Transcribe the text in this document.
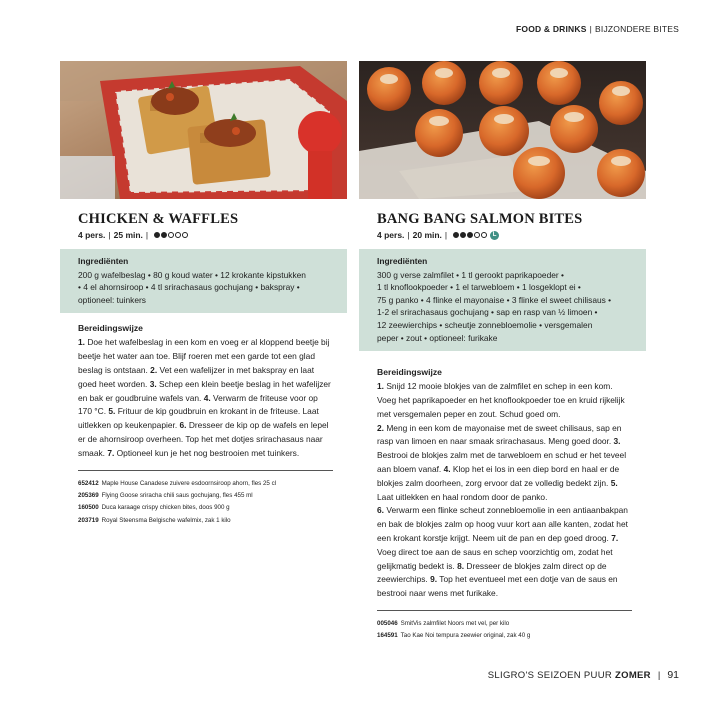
FOOD & DRINKS | BIJZONDERE BITES
CHICKEN & WAFFLES
4 pers. | 25 min. |
Ingrediënten
200 g wafelbeslag • 80 g koud water • 12 krokante kipstukken
• 4 el ahornsiroop • 4 tl srirachasaus gochujang • bakspray •
optioneel: tuinkers
Bereidingswijze
1. Doe het wafelbeslag in een kom en voeg er al kloppend beetje bij beetje het water aan toe. Blijf roeren met een garde tot een glad beslag is ontstaan. 2. Vet een wafelijzer in met bakspray en laat goed heet worden. 3. Schep een klein beetje beslag in het wafelijzer en bak er goudbruine wafels van. 4. Verwarm de friteuse voor op 170 °C. 5. Frituur de kip goudbruin en krokant in de friteuse. Laat uitlekken op keukenpapier. 6. Dresseer de kip op de wafels en lepel er de ahornsiroop overheen. Top het met dotjes srirachasaus naar smaak. 7. Optioneel kun je het nog bestrooien met tuinkers.
652412 Maple House Canadese zuivere esdoornsiroop ahorn, fles 25 cl
205369 Flying Goose sriracha chili saus gochujang, fles 455 ml
160500 Duca karaage crispy chicken bites, doos 900 g
203719 Royal Steensma Belgische wafelmix, zak 1 kilo
BANG BANG SALMON BITES
4 pers. | 20 min. |	L
Ingrediënten
300 g verse zalmfilet • 1 tl gerookt paprikapoeder •
1 tl knoflookpoeder • 1 el tarwebloem • 1 losgeklopt ei •
75 g panko • 4 flinke el mayonaise • 3 flinke el sweet chilisaus •
1-2 el srirachasaus gochujang • sap en rasp van ½ limoen •
12 zeewierchips • scheutje zonnebloemolie • versgemalen
peper • zout • optioneel: furikake
Bereidingswijze
1. Snijd 12 mooie blokjes van de zalmfilet en schep in een kom. Voeg het paprikapoeder en het knoflookpoeder toe en kruid rijkelijk met versgemalen peper en zout. Schud goed om.
2. Meng in een kom de mayonaise met de sweet chilisaus, sap en rasp van limoen en naar smaak srirachasaus. Meng goed door. 3. Bestrooi de blokjes zalm met de tarwebloem en schud er het teveel aan bloem vanaf. 4. Klop het ei los in een diep bord en haal er de blokjes zalm doorheen, zorg ervoor dat ze volledig bedekt zijn. 5. Laat uitlekken en haal rondom door de panko.
6. Verwarm een flinke scheut zonnebloemolie in een antiaanbakpan en bak de blokjes zalm op hoog vuur kort aan alle kanten, zodat het een krokant korstje krijgt. Neem uit de pan en dep goed droog. 7. Voeg direct toe aan de saus en schep voorzichtig om, zodat het gelijkmatig bedekt is. 8. Dresseer de blokjes zalm direct op de zeewierchips. 9. Top het eventueel met een dotje van de saus en bestrooi naar wens met furikake.
005046 SmitVis zalmfilet Noors met vel, per kilo
164591 Tao Kae Noi tempura zeewier original, zak 40 g
SLIGRO'S SEIZOEN PUUR ZOMER | 91
